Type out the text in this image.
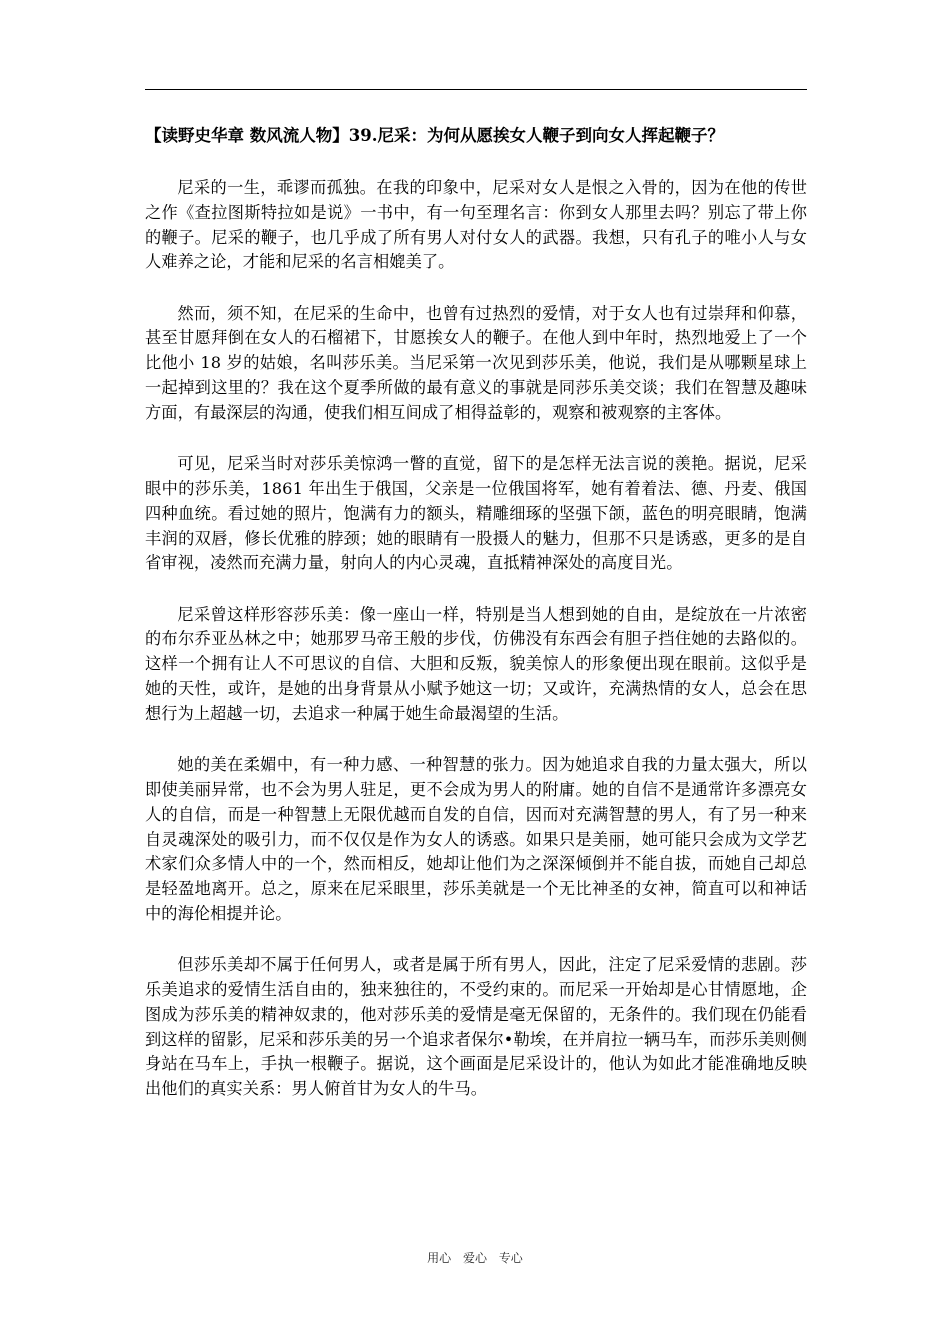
【读野史华章 数风流人物】39.尼采：为何从愿挨女人鞭子到向女人挥起鞭子？

尼采的一生，乖谬而孤独。在我的印象中，尼采对女人是恨之入骨的，因为在他的传世之作《查拉图斯特拉如是说》一书中，有一句至理名言：你到女人那里去吗？别忘了带上你的鞭子。尼采的鞭子，也几乎成了所有男人对付女人的武器。我想，只有孔子的唯小人与女人难养之论，才能和尼采的名言相媲美了。

然而，须不知，在尼采的生命中，也曾有过热烈的爱情，对于女人也有过崇拜和仰慕，甚至甘愿拜倒在女人的石榴裙下，甘愿挨女人的鞭子。在他人到中年时，热烈地爱上了一个比他小 18 岁的姑娘，名叫莎乐美。当尼采第一次见到莎乐美，他说，我们是从哪颗星球上一起掉到这里的？我在这个夏季所做的最有意义的事就是同莎乐美交谈；我们在智慧及趣味方面，有最深层的沟通，使我们相互间成了相得益彰的，观察和被观察的主客体。

可见，尼采当时对莎乐美惊鸿一瞥的直觉，留下的是怎样无法言说的羡艳。据说，尼采眼中的莎乐美，1861 年出生于俄国，父亲是一位俄国将军，她有着着法、德、丹麦、俄国四种血统。看过她的照片，饱满有力的额头，精雕细琢的坚强下颌，蓝色的明亮眼睛，饱满丰润的双唇，修长优雅的脖颈；她的眼睛有一股摄人的魅力，但那不只是诱惑，更多的是自省审视，凌然而充满力量，射向人的内心灵魂，直抵精神深处的高度目光。

尼采曾这样形容莎乐美：像一座山一样，特别是当人想到她的自由，是绽放在一片浓密的布尔乔亚丛林之中；她那罗马帝王般的步伐，仿佛没有东西会有胆子挡住她的去路似的。这样一个拥有让人不可思议的自信、大胆和反叛，貌美惊人的形象便出现在眼前。这似乎是她的天性，或许，是她的出身背景从小赋予她这一切；又或许，充满热情的女人，总会在思想行为上超越一切，去追求一种属于她生命最渴望的生活。

她的美在柔媚中，有一种力感、一种智慧的张力。因为她追求自我的力量太强大，所以即使美丽异常，也不会为男人驻足，更不会成为男人的附庸。她的自信不是通常许多漂亮女人的自信，而是一种智慧上无限优越而自发的自信，因而对充满智慧的男人，有了另一种来自灵魂深处的吸引力，而不仅仅是作为女人的诱惑。如果只是美丽，她可能只会成为文学艺术家们众多情人中的一个，然而相反，她却让他们为之深深倾倒并不能自拔，而她自己却总是轻盈地离开。总之，原来在尼采眼里，莎乐美就是一个无比神圣的女神，简直可以和神话中的海伦相提并论。

但莎乐美却不属于任何男人，或者是属于所有男人，因此，注定了尼采爱情的悲剧。莎乐美追求的爱情生活自由的，独来独往的，不受约束的。而尼采一开始却是心甘情愿地，企图成为莎乐美的精神奴隶的，他对莎乐美的爱情是毫无保留的，无条件的。我们现在仍能看到这样的留影，尼采和莎乐美的另一个追求者保尔•勒埃，在并肩拉一辆马车，而莎乐美则侧身站在马车上，手执一根鞭子。据说，这个画面是尼采设计的，他认为如此才能准确地反映出他们的真实关系：男人俯首甘为女人的牛马。

用心 爱心 专心
